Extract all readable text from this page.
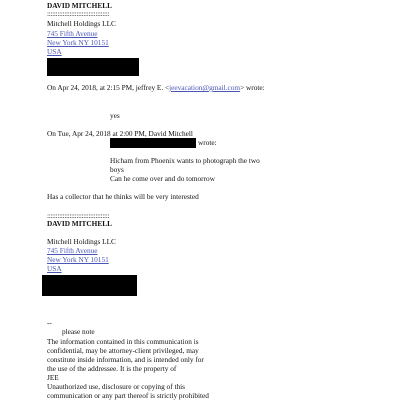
DAVID MITCHELL
::::::::::::::::::::::::::::::::::::
Mitchell Holdings LLC
745 Fifth Avenue
New York NY 10151
USA
On Apr 24, 2018, at 2:15 PM, jeffrey E. <jeevacation@gmail.com> wrote:
yes
On Tue, Apr 24, 2018 at 2:00 PM, David Mitchell
wrote:
Hicham from Phoenix wants to photograph the two
boys
Can he come over and do tomorrow
Has a collector that he thinks will be very interested
::::::::::::::::::::::::::::::::::::
DAVID MITCHELL
Mitchell Holdings LLC
745 Fifth Avenue
New York NY 10151
USA
--
please note
The information contained in this communication is
confidential, may be attorney-client privileged, may
constitute inside information, and is intended only for
the use of the addressee. It is the property of
JEE
Unauthorized use, disclosure or copying of this
communication or any part thereof is strictly prohibited
